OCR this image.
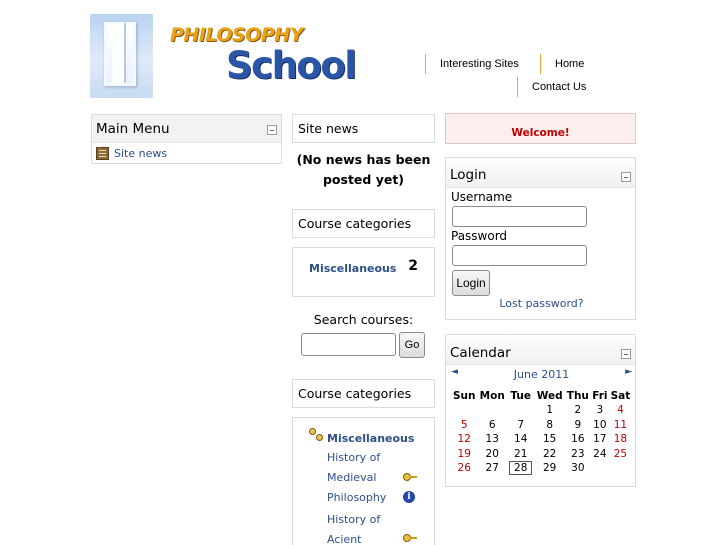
PHILOSOPHY
School	Interesting Sites	Home
Contact Us
Main Menu
Site news
Site news
(No news has been posted yet)
Course categories
Miscellaneous 2
Search courses:
Go
Course categories
Miscellaneous
History of
Medieval
Philosophy	i
History of
Acient
Welcome!
Login
Username
Password
Login
Lost password?
Calendar
◄	June 2011	►
Sun	Mon	Tue	Wed	Thu	Fri	Sat
			1	2	3	4
5	6	7	8	9	10	11
12	13	14	15	16	17	18
19	20	21	22	23	24	25
26	27	28	29	30		
